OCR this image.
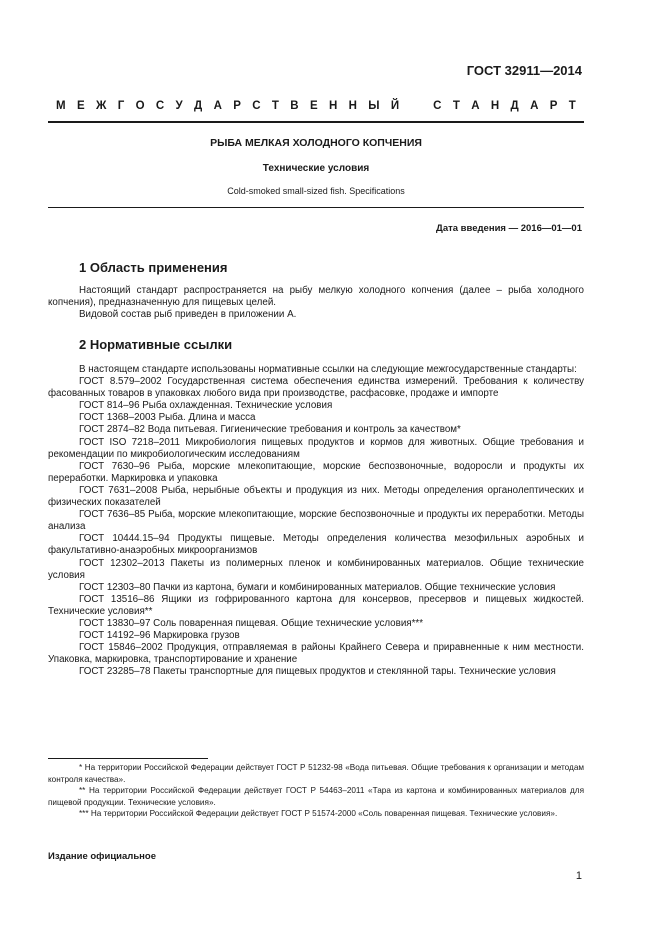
ГОСТ 32911—2014
М Е Ж Г О С У Д А Р С Т В Е Н Н Ы Й	С Т А Н Д А Р Т
РЫБА МЕЛКАЯ ХОЛОДНОГО КОПЧЕНИЯ
Технические условия
Cold-smoked small-sized fish. Specifications
Дата введения — 2016—01—01
1 Область применения

Настоящий стандарт распространяется на рыбу мелкую холодного копчения (далее – рыба холодного копчения), предназначенную для пищевых целей.

Видовой состав рыб приведен в приложении А.

2 Нормативные ссылки

В настоящем стандарте использованы нормативные ссылки на следующие межгосударственные стандарты:

ГОСТ 8.579–2002 Государственная система обеспечения единства измерений. Требования к количеству фасованных товаров в упаковках любого вида при производстве, расфасовке, продаже и импорте

ГОСТ 814–96 Рыба охлажденная. Технические условия

ГОСТ 1368–2003 Рыба. Длина и масса

ГОСТ 2874–82 Вода питьевая. Гигиенические требования и контроль за качеством*

ГОСТ ISO 7218–2011 Микробиология пищевых продуктов и кормов для животных. Общие требования и рекомендации по микробиологическим исследованиям

ГОСТ 7630–96 Рыба, морские млекопитающие, морские беспозвоночные, водоросли и продукты их переработки. Маркировка и упаковка

ГОСТ 7631–2008 Рыба, нерыбные объекты и продукция из них. Методы определения органолептических и физических показателей

ГОСТ 7636–85 Рыба, морские млекопитающие, морские беспозвоночные и продукты их переработки. Методы анализа

ГОСТ 10444.15–94 Продукты пищевые. Методы определения количества мезофильных аэробных и факультативно-анаэробных микроорганизмов

ГОСТ 12302–2013 Пакеты из полимерных пленок и комбинированных материалов. Общие технические условия

ГОСТ 12303–80 Пачки из картона, бумаги и комбинированных материалов. Общие технические условия

ГОСТ 13516–86 Ящики из гофрированного картона для консервов, пресервов и пищевых жидкостей. Технические условия**

ГОСТ 13830–97 Соль поваренная пищевая. Общие технические условия***

ГОСТ 14192–96 Маркировка грузов

ГОСТ 15846–2002 Продукция, отправляемая в районы Крайнего Севера и приравненные к ним местности. Упаковка, маркировка, транспортирование и хранение

ГОСТ 23285–78 Пакеты транспортные для пищевых продуктов и стеклянной тары. Технические условия

* На территории Российской Федерации действует ГОСТ Р 51232-98 «Вода питьевая. Общие требования к организации и методам контроля качества».

** На территории Российской Федерации действует ГОСТ Р 54463–2011 «Тара из картона и комбинированных материалов для пищевой продукции. Технические условия».

*** На территории Российской Федерации действует ГОСТ Р 51574-2000 «Соль поваренная пищевая. Технические условия».

Издание официальное
1
